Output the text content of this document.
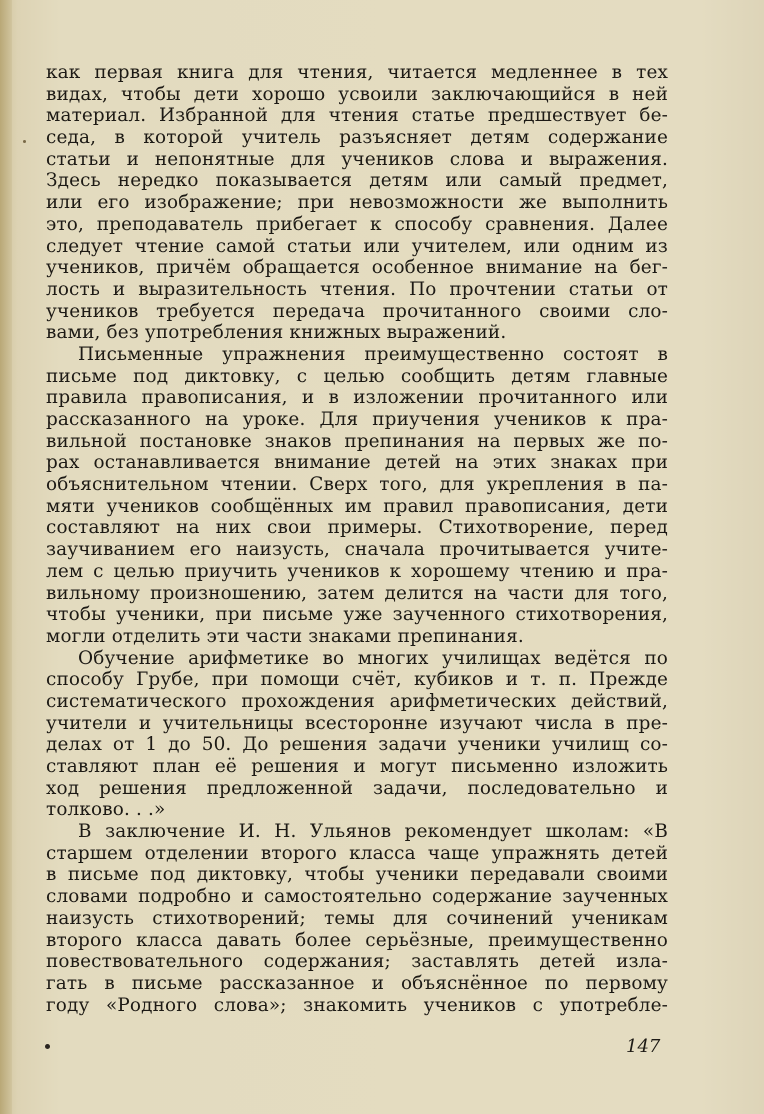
как первая книга для чтения, читается медленнее в тех
видах, чтобы дети хорошо усвоили заключающийся в ней
материал. Избранной для чтения статье предшествует бе-
седа, в которой учитель разъясняет детям содержание
статьи и непонятные для учеников слова и выражения.
Здесь нередко показывается детям или самый предмет,
или его изображение; при невозможности же выполнить
это, преподаватель прибегает к способу сравнения. Далее
следует чтение самой статьи или учителем, или одним из
учеников, причём обращается особенное внимание на бег-
лость и выразительность чтения. По прочтении статьи от
учеников требуется передача прочитанного своими сло-
вами, без употребления книжных выражений.
Письменные упражнения преимущественно состоят в
письме под диктовку, с целью сообщить детям главные
правила правописания, и в изложении прочитанного или
рассказанного на уроке. Для приучения учеников к пра-
вильной постановке знаков препинания на первых же по-
рах останавливается внимание детей на этих знаках при
объяснительном чтении. Сверх того, для укрепления в па-
мяти учеников сообщённых им правил правописания, дети
составляют на них свои примеры. Стихотворение, перед
заучиванием его наизусть, сначала прочитывается учите-
лем с целью приучить учеников к хорошему чтению и пра-
вильному произношению, затем делится на части для того,
чтобы ученики, при письме уже заученного стихотворения,
могли отделить эти части знаками препинания.
Обучение арифметике во многих училищах ведётся по
способу Грубе, при помощи счёт, кубиков и т. п. Прежде
систематического прохождения арифметических действий,
учители и учительницы всесторонне изучают числа в пре-
делах от 1 до 50. До решения задачи ученики училищ со-
ставляют план её решения и могут письменно изложить
ход решения предложенной задачи, последовательно и
толково. . .»
В заключение И. Н. Ульянов рекомендует школам: «В
старшем отделении второго класса чаще упражнять детей
в письме под диктовку, чтобы ученики передавали своими
словами подробно и самостоятельно содержание заученных
наизусть стихотворений; темы для сочинений ученикам
второго класса давать более серьёзные, преимущественно
повествовательного содержания; заставлять детей изла-
гать в письме рассказанное и объяснённое по первому
году «Родного слова»; знакомить учеников с употребле-
147
